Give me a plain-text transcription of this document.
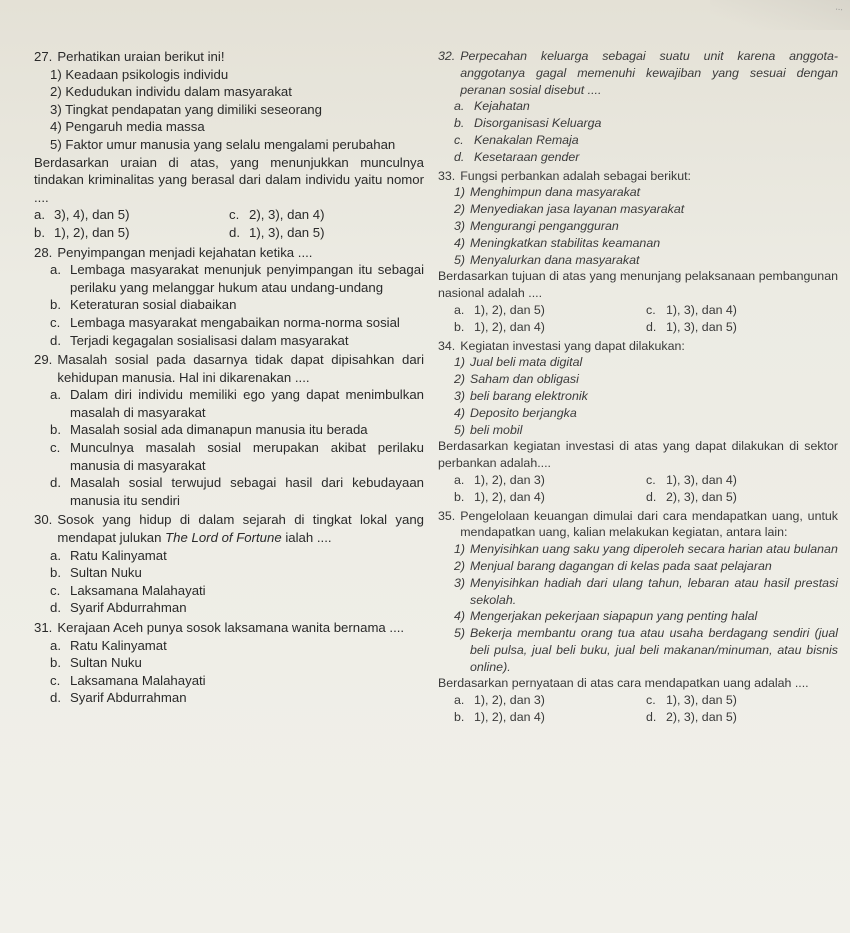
...
27. Perhatikan uraian berikut ini!
1) Keadaan psikologis individu
2) Kedudukan individu dalam masyarakat
3) Tingkat pendapatan yang dimiliki seseorang
4) Pengaruh media massa
5) Faktor umur manusia yang selalu mengalami perubahan
Berdasarkan uraian di atas, yang menunjukkan munculnya tindakan kriminalitas yang berasal dari dalam individu yaitu nomor ....
a. 3), 4), dan 5)	c. 2), 3), dan 4)
b. 1), 2), dan 5)	d. 1), 3), dan 5)
28. Penyimpangan menjadi kejahatan ketika ....
a. Lembaga masyarakat menunjuk penyimpangan itu sebagai perilaku yang melanggar hukum atau undang-undang
b. Keteraturan sosial diabaikan
c. Lembaga masyarakat mengabaikan norma-norma sosial
d. Terjadi kegagalan sosialisasi dalam masyarakat
29. Masalah sosial pada dasarnya tidak dapat dipisahkan dari kehidupan manusia. Hal ini dikarenakan ....
a. Dalam diri individu memiliki ego yang dapat menimbulkan masalah di masyarakat
b. Masalah sosial ada dimanapun manusia itu berada
c. Munculnya masalah sosial merupakan akibat perilaku manusia di masyarakat
d. Masalah sosial terwujud sebagai hasil dari kebudayaan manusia itu sendiri
30. Sosok yang hidup di dalam sejarah di tingkat lokal yang mendapat julukan The Lord of Fortune ialah ....
a. Ratu Kalinyamat
b. Sultan Nuku
c. Laksamana Malahayati
d. Syarif Abdurrahman
31. Kerajaan Aceh punya sosok laksamana wanita bernama ....
a. Ratu Kalinyamat
b. Sultan Nuku
c. Laksamana Malahayati
d. Syarif Abdurrahman
32. Perpecahan keluarga sebagai suatu unit karena anggota-anggotanya gagal memenuhi kewajiban yang sesuai dengan peranan sosial disebut ....
a. Kejahatan
b. Disorganisasi Keluarga
c. Kenakalan Remaja
d. Kesetaraan gender
33. Fungsi perbankan adalah sebagai berikut:
1) Menghimpun dana masyarakat
2) Menyediakan jasa layanan masyarakat
3) Mengurangi pengangguran
4) Meningkatkan stabilitas keamanan
5) Menyalurkan dana masyarakat
Berdasarkan tujuan di atas yang menunjang pelaksanaan pembangunan nasional adalah ....
a. 1), 2), dan 5)	c. 1), 3), dan 4)
b. 1), 2), dan 4)	d. 1), 3), dan 5)
34. Kegiatan investasi yang dapat dilakukan:
1) Jual beli mata digital
2) Saham dan obligasi
3) beli barang elektronik
4) Deposito berjangka
5) beli mobil
Berdasarkan kegiatan investasi di atas yang dapat dilakukan di sektor perbankan adalah....
a. 1), 2), dan 3)	c. 1), 3), dan 4)
b. 1), 2), dan 4)	d. 2), 3), dan 5)
35. Pengelolaan keuangan dimulai dari cara mendapatkan uang, untuk mendapatkan uang, kalian melakukan kegiatan, antara lain:
1) Menyisihkan uang saku yang diperoleh secara harian atau bulanan
2) Menjual barang dagangan di kelas pada saat pelajaran
3) Menyisihkan hadiah dari ulang tahun, lebaran atau hasil prestasi sekolah.
4) Mengerjakan pekerjaan siapapun yang penting halal
5) Bekerja membantu orang tua atau usaha berdagang sendiri (jual beli pulsa, jual beli buku, jual beli makanan/minuman, atau bisnis online).
Berdasarkan pernyataan di atas cara mendapatkan uang adalah ....
a. 1), 2), dan 3)	c. 1), 3), dan 5)
b. 1), 2), dan 4)	d. 2), 3), dan 5)
